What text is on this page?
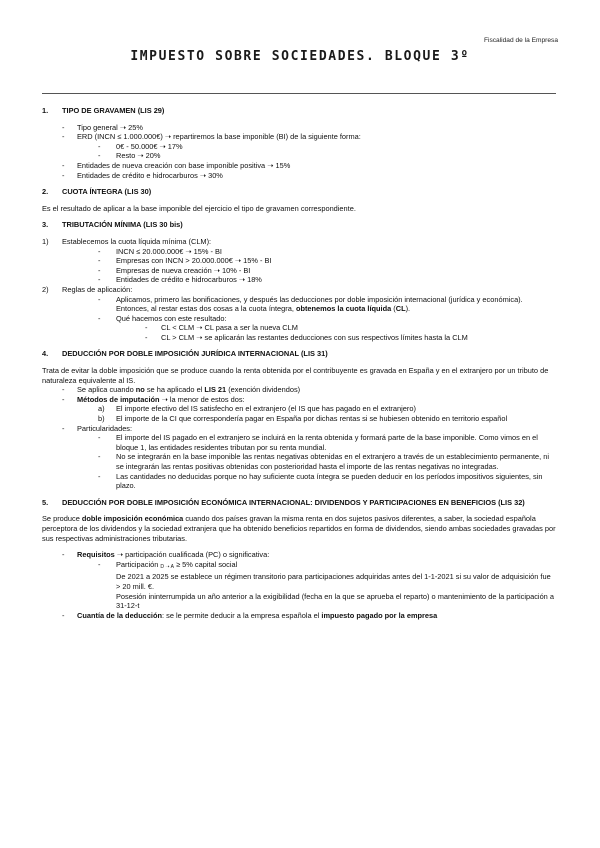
Fiscalidad de la Empresa
IMPUESTO SOBRE SOCIEDADES. BLOQUE 3º
1. TIPO DE GRAVAMEN (LIS 29)
- Tipo general ➝ 25%
- ERD (INCN ≤ 1.000.000€) ➝ repartiremos la base imponible (BI) de la siguiente forma:
- 0€ - 50.000€ ➝ 17%
- Resto ➝ 20%
- Entidades de nueva creación con base imponible positiva ➝ 15%
- Entidades de crédito e hidrocarburos ➝ 30%
2. CUOTA ÍNTEGRA (LIS 30)
Es el resultado de aplicar a la base imponible del ejercicio el tipo de gravamen correspondiente.
3. TRIBUTACIÓN MÍNIMA (LIS 30 bis)
1) Establecemos la cuota líquida mínima (CLM):
- INCN ≤ 20.000.000€ ➝ 15% - BI
- Empresas con INCN > 20.000.000€ ➝ 15% - BI
- Empresas de nueva creación ➝ 10% - BI
- Entidades de crédito e hidrocarburos ➝ 18%
2) Reglas de aplicación:
- Aplicamos, primero las bonificaciones, y después las deducciones por doble imposición internacional (jurídica y económica). Entonces, al restar estas dos cosas a la cuota íntegra, obtenemos la cuota líquida (CL).
- Qué hacemos con este resultado:
- CL < CLM ➝ CL pasa a ser la nueva CLM
- CL > CLM ➝ se aplicarán las restantes deducciones con sus respectivos límites hasta la CLM
4. DEDUCCIÓN POR DOBLE IMPOSICIÓN JURÍDICA INTERNACIONAL (LIS 31)
Trata de evitar la doble imposición que se produce cuando la renta obtenida por el contribuyente es gravada en España y en el extranjero por un tributo de naturaleza equivalente al IS.
- Se aplica cuando no se ha aplicado el LIS 21 (exención dividendos)
- Métodos de imputación ➝ la menor de estos dos:
a) El importe efectivo del IS satisfecho en el extranjero (el IS que has pagado en el extranjero)
b) El importe de la CI que correspondería pagar en España por dichas rentas si se hubiesen obtenido en territorio español
- Particularidades:
- El importe del IS pagado en el extranjero se incluirá en la renta obtenida y formará parte de la base imponible. Como vimos en el bloque 1, las entidades residentes tributan por su renta mundial.
- No se integrarán en la base imponible las rentas negativas obtenidas en el extranjero a través de un establecimiento permanente, ni se integrarán las rentas positivas obtenidas con posterioridad hasta el importe de las rentas negativas no integradas.
- Las cantidades no deducidas porque no hay suficiente cuota íntegra se pueden deducir en los períodos impositivos siguientes, sin plazo.
5. DEDUCCIÓN POR DOBLE IMPOSICIÓN ECONÓMICA INTERNACIONAL: DIVIDENDOS Y PARTICIPACIONES EN BENEFICIOS (LIS 32)
Se produce doble imposición económica cuando dos países gravan la misma renta en dos sujetos pasivos diferentes, a saber, la sociedad española perceptora de los dividendos y la sociedad extranjera que ha obtenido beneficios repartidos en forma de dividendos, siendo ambas sociedades gravadas por sus respectivas administraciones tributarias.
- Requisitos ➝ participación cualificada (PC) o significativa:
- Participación $_{D ➝ A}$ ≥ 5% capital social
De 2021 a 2025 se establece un régimen transitorio para participaciones adquiridas antes del 1-1-2021 si su valor de adquisición fue > 20 mill. €.
Posesión ininterrumpida un año anterior a la exigibilidad (fecha en la que se aprueba el reparto) o mantenimiento de la participación a 31-12-t
- Cuantía de la deducción: se le permite deducir a la empresa española el impuesto pagado por la empresa
